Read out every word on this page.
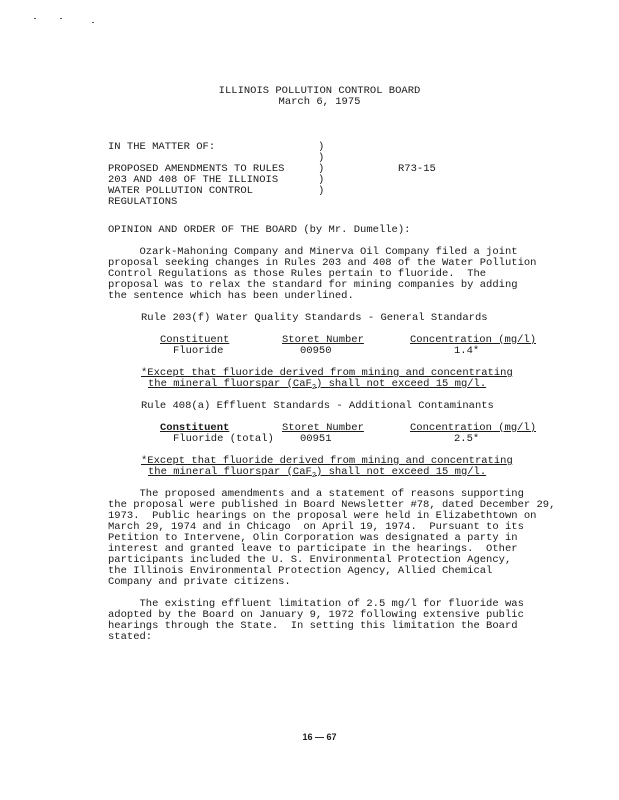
ILLINOIS POLLUTION CONTROL BOARD
March 6, 1975
IN THE MATTER OF:
PROPOSED AMENDMENTS TO RULES
203 AND 408 OF THE ILLINOIS
WATER POLLUTION CONTROL
REGULATIONS
)
)
)
)
)
R73-15
OPINION AND ORDER OF THE BOARD (by Mr. Dumelle):
Ozark-Mahoning Company and Minerva Oil Company filed a joint
proposal seeking changes in Rules 203 and 408 of the Water Pollution
Control Regulations as those Rules pertain to fluoride.  The
proposal was to relax the standard for mining companies by adding
the sentence which has been underlined.
Rule 203(f) Water Quality Standards - General Standards
Constituent	Storet Number	Concentration (mg/l)
Fluoride	00950	1.4*
*Except that fluoride derived from mining and concentrating
the mineral fluorspar (CaF$_2$) shall not exceed 15 mg/l.
Rule 408(a) Effluent Standards - Additional Contaminants
Constituent	Storet Number	Concentration (mg/l)
Fluoride (total) 00951	2.5*
*Except that fluoride derived from mining and concentrating
the mineral fluorspar (CaF$_2$) shall not exceed 15 mg/l.
The proposed amendments and a statement of reasons supporting
the proposal were published in Board Newsletter #78, dated December 29,
1973.  Public hearings on the proposal were held in Elizabethtown on
March 29, 1974 and in Chicago  on April 19, 1974.  Pursuant to its
Petition to Intervene, Olin Corporation was designated a party in
interest and granted leave to participate in the hearings.  Other
participants included the U. S. Environmental Protection Agency,
the Illinois Environmental Protection Agency, Allied Chemical
Company and private citizens.
The existing effluent limitation of 2.5 mg/l for fluoride was
adopted by the Board on January 9, 1972 following extensive public
hearings through the State.  In setting this limitation the Board
stated:
16 — 67
